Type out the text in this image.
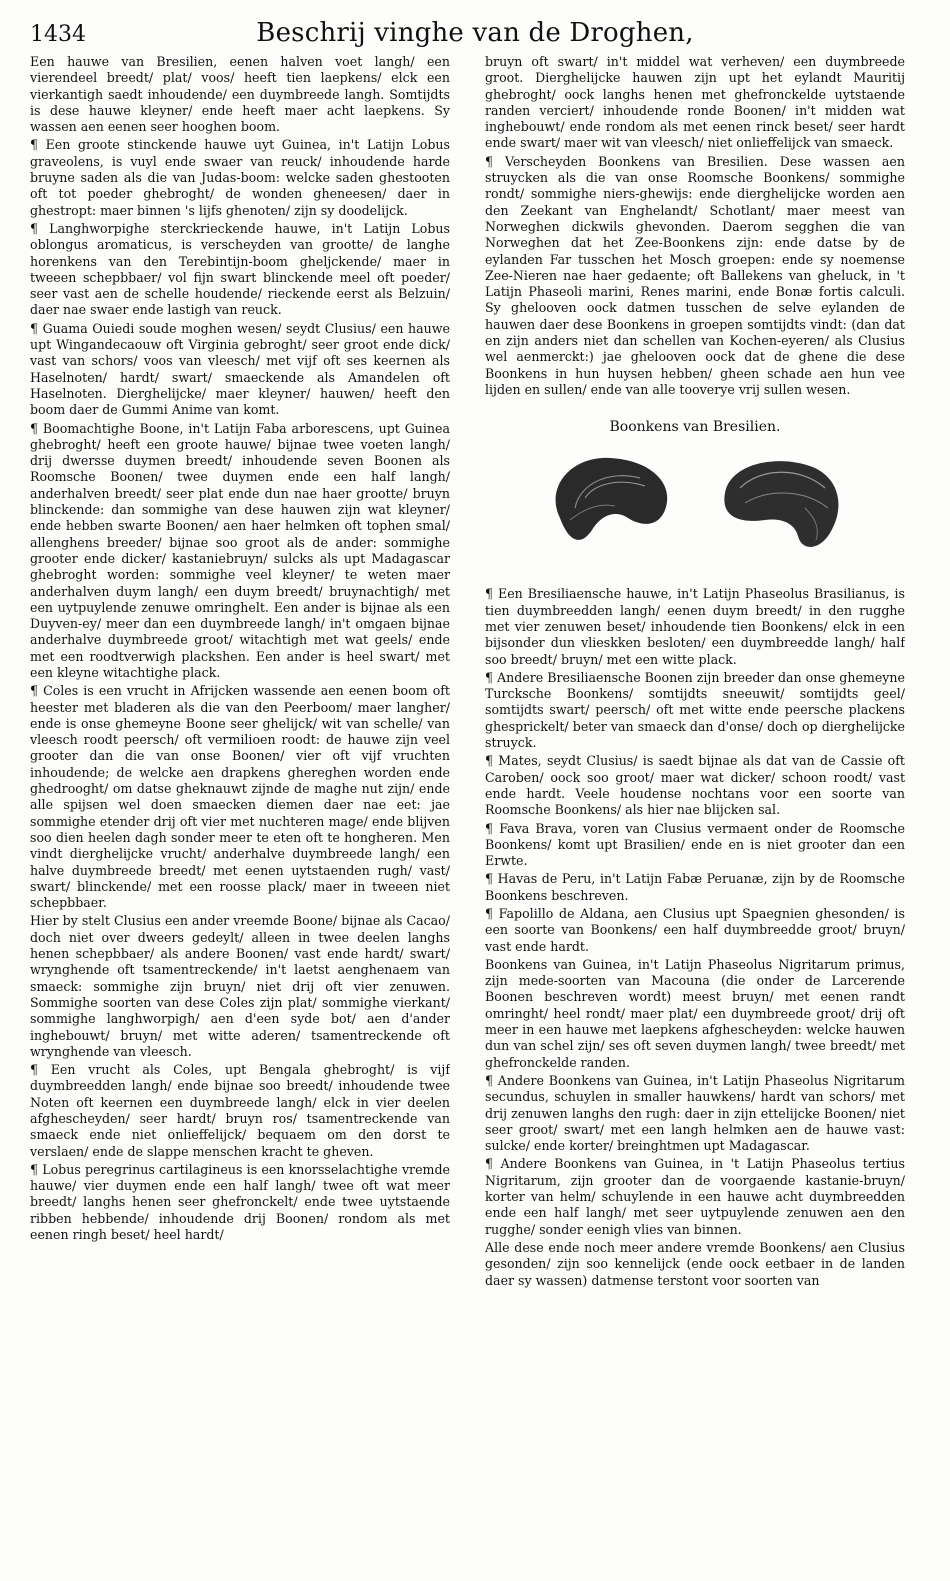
1434	Beschrij vinghe van de Droghen,

Een hauwe van Bresilien, eenen halven voet langh/ een vierendeel breedt/ plat/ voos/ heeft tien laepkens/ elck een vierkantigh saedt inhoudende/ een duymbreede langh. Somtijdts is dese hauwe kleyner/ ende heeft maer acht laepkens. Sy wassen aen eenen seer hooghen boom.

¶ Een groote stinckende hauwe uyt Guinea, in't Latijn Lobus graveolens, is vuyl ende swaer van reuck/ inhoudende harde bruyne saden als die van Judas-boom: welcke saden ghestooten oft tot poeder ghebroght/ de wonden gheneesen/ daer in ghestropt: maer binnen 's lijfs ghenoten/ zijn sy doodelijck.

¶ Langhworpighe sterckrieckende hauwe, in't Latijn Lobus oblongus aromaticus, is verscheyden van grootte/ de langhe horenkens van den Terebintijn-boom gheljckende/ maer in tweeen schepbbaer/ vol fijn swart blinckende meel oft poeder/ seer vast aen de schelle houdende/ rieckende eerst als Belzuin/ daer nae swaer ende lastigh van reuck.

¶ Guama Ouiedi soude moghen wesen/ seydt Clusius/ een hauwe upt Wingandecaouw oft Virginia gebroght/ seer groot ende dick/ vast van schors/ voos van vleesch/ met vijf oft ses keernen als Haselnoten/ hardt/ swart/ smaeckende als Amandelen oft Haselnoten. Dierghelijcke/ maer kleyner/ hauwen/ heeft den boom daer de Gummi Anime van komt.

¶ Boomachtighe Boone, in't Latijn Faba arborescens, upt Guinea ghebroght/ heeft een groote hauwe/ bijnae twee voeten langh/ drij dwersse duymen breedt/ inhoudende seven Boonen als Roomsche Boonen/ twee duymen ende een half langh/ anderhalven breedt/ seer plat ende dun nae haer grootte/ bruyn blinckende: dan sommighe van dese hauwen zijn wat kleyner/ ende hebben swarte Boonen/ aen haer helmken oft tophen smal/ allenghens breeder/ bijnae soo groot als de ander: sommighe grooter ende dicker/ kastaniebruyn/ sulcks als upt Madagascar ghebroght worden: sommighe veel kleyner/ te weten maer anderhalven duym langh/ een duym breedt/ bruynachtigh/ met een uytpuylende zenuwe omringhelt. Een ander is bijnae als een Duyven-ey/ meer dan een duymbreede langh/ in't omgaen bijnae anderhalve duymbreede groot/ witachtigh met wat geels/ ende met een roodtverwigh plackshen. Een ander is heel swart/ met een kleyne witachtighe plack.

¶ Coles is een vrucht in Afrijcken wassende aen eenen boom oft heester met bladeren als die van den Peerboom/ maer langher/ ende is onse ghemeyne Boone seer ghelijck/ wit van schelle/ van vleesch roodt peersch/ oft vermilioen roodt: de hauwe zijn veel grooter dan die van onse Boonen/ vier oft vijf vruchten inhoudende; de welcke aen drapkens ghereghen worden ende ghedrooght/ om datse gheknauwt zijnde de maghe nut zijn/ ende alle spijsen wel doen smaecken diemen daer nae eet: jae sommighe etender drij oft vier met nuchteren mage/ ende blijven soo dien heelen dagh sonder meer te eten oft te hongheren. Men vindt dierghelijcke vrucht/ anderhalve duymbreede langh/ een halve duymbreede breedt/ met eenen uytstaenden rugh/ vast/ swart/ blinckende/ met een roosse plack/ maer in tweeen niet schepbbaer.

Hier by stelt Clusius een ander vreemde Boone/ bijnae als Cacao/ doch niet over dweers gedeylt/ alleen in twee deelen langhs henen schepbbaer/ als andere Boonen/ vast ende hardt/ swart/ wrynghende oft tsamentreckende/ in't laetst aenghenaem van smaeck: sommighe zijn bruyn/ niet drij oft vier zenuwen. Sommighe soorten van dese Coles zijn plat/ sommighe vierkant/ sommighe langhworpigh/ aen d'een syde bot/ aen d'ander inghebouwt/ bruyn/ met witte aderen/ tsamentreckende oft wrynghende van vleesch.

¶ Een vrucht als Coles, upt Bengala ghebroght/ is vijf duymbreedden langh/ ende bijnae soo breedt/ inhoudende twee Noten oft keernen een duymbreede langh/ elck in vier deelen afghescheyden/ seer hardt/ bruyn ros/ tsamentreckende van smaeck ende niet onlieffelijck/ bequaem om den dorst te verslaen/ ende de slappe menschen kracht te gheven.

¶ Lobus peregrinus cartilagineus is een knorsselachtighe vremde hauwe/ vier duymen ende een half langh/ twee oft wat meer breedt/ langhs henen seer ghefronckelt/ ende twee uytstaende ribben hebbende/ inhoudende drij Boonen/ rondom als met eenen ringh beset/ heel hardt/

bruyn oft swart/ in't middel wat verheven/ een duymbreede groot. Dierghelijcke hauwen zijn upt het eylandt Mauritij ghebroght/ oock langhs henen met ghefronckelde uytstaende randen verciert/ inhoudende ronde Boonen/ in't midden wat inghebouwt/ ende rondom als met eenen rinck beset/ seer hardt ende swart/ maer wit van vleesch/ niet onlieffelijck van smaeck.

¶ Verscheyden Boonkens van Bresilien. Dese wassen aen struycken als die van onse Roomsche Boonkens/ sommighe rondt/ sommighe niers-ghewijs: ende dierghelijcke worden aen den Zeekant van Enghelandt/ Schotlant/ maer meest van Norweghen dickwils ghevonden. Daerom segghen die van Norweghen dat het Zee-Boonkens zijn: ende datse by de eylanden Far tusschen het Mosch groepen: ende sy noemense Zee-Nieren nae haer gedaente; oft Ballekens van gheluck, in 't Latijn Phaseoli marini, Renes marini, ende Bonæ fortis calculi. Sy ghelooven oock datmen tusschen de selve eylanden de hauwen daer dese Boonkens in groepen somtijdts vindt: (dan dat en zijn anders niet dan schellen van Kochen-eyeren/ als Clusius wel aenmerckt:) jae ghelooven oock dat de ghene die dese Boonkens in hun huysen hebben/ gheen schade aen hun vee lijden en sullen/ ende van alle tooverye vrij sullen wesen.

Boonkens van Bresilien.

¶ Een Bresiliaensche hauwe, in't Latijn Phaseolus Brasilianus, is tien duymbreedden langh/ eenen duym breedt/ in den rugghe met vier zenuwen beset/ inhoudende tien Boonkens/ elck in een bijsonder dun vlieskken besloten/ een duymbreedde langh/ half soo breedt/ bruyn/ met een witte plack.

¶ Andere Bresiliaensche Boonen zijn breeder dan onse ghemeyne Turcksche Boonkens/ somtijdts sneeuwit/ somtijdts geel/ somtijdts swart/ peersch/ oft met witte ende peersche plackens ghesprickelt/ beter van smaeck dan d'onse/ doch op dierghelijcke struyck.

¶ Mates, seydt Clusius/ is saedt bijnae als dat van de Cassie oft Caroben/ oock soo groot/ maer wat dicker/ schoon roodt/ vast ende hardt. Veele houdense nochtans voor een soorte van Roomsche Boonkens/ als hier nae blijcken sal.

¶ Fava Brava, voren van Clusius vermaent onder de Roomsche Boonkens/ komt upt Brasilien/ ende en is niet grooter dan een Erwte.

¶ Havas de Peru, in't Latijn Fabæ Peruanæ, zijn by de Roomsche Boonkens beschreven.

¶ Fapolillo de Aldana, aen Clusius upt Spaegnien ghesonden/ is een soorte van Boonkens/ een half duymbreedde groot/ bruyn/ vast ende hardt.

Boonkens van Guinea, in't Latijn Phaseolus Nigritarum primus, zijn mede-soorten van Macouna (die onder de Larcerende Boonen beschreven wordt) meest bruyn/ met eenen randt omringht/ heel rondt/ maer plat/ een duymbreede groot/ drij oft meer in een hauwe met laepkens afghescheyden: welcke hauwen dun van schel zijn/ ses oft seven duymen langh/ twee breedt/ met ghefronckelde randen.

¶ Andere Boonkens van Guinea, in't Latijn Phaseolus Nigritarum secundus, schuylen in smaller hauwkens/ hardt van schors/ met drij zenuwen langhs den rugh: daer in zijn ettelijcke Boonen/ niet seer groot/ swart/ met een langh helmken aen de hauwe vast: sulcke/ ende korter/ breinghtmen upt Madagascar.

¶ Andere Boonkens van Guinea, in 't Latijn Phaseolus tertius Nigritarum, zijn grooter dan de voorgaende kastanie-bruyn/ korter van helm/ schuylende in een hauwe acht duymbreedden ende een half langh/ met seer uytpuylende zenuwen aen den rugghe/ sonder eenigh vlies van binnen.

Alle dese ende noch meer andere vremde Boonkens/ aen Clusius gesonden/ zijn soo kennelijck (ende oock eetbaer in de landen daer sy wassen) datmense terstont voor soorten van
